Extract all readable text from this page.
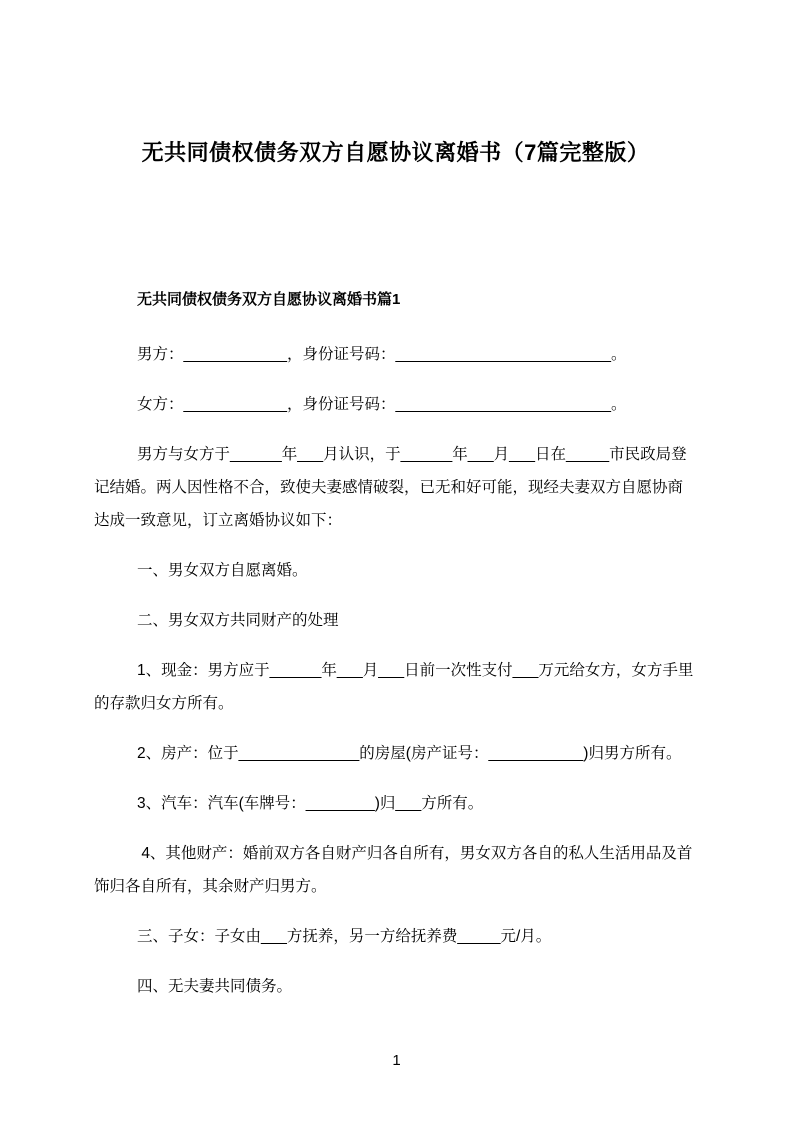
无共同债权债务双方自愿协议离婚书（7篇完整版）
无共同债权债务双方自愿协议离婚书篇1

男方：____________，身份证号码：_________________________。

女方：____________，身份证号码：_________________________。

男方与女方于______年___月认识，于______年___月___日在_____市民政局登记结婚。两人因性格不合，致使夫妻感情破裂，已无和好可能，现经夫妻双方自愿协商达成一致意见，订立离婚协议如下：

一、男女双方自愿离婚。

二、男女双方共同财产的处理

1、现金：男方应于______年___月___日前一次性支付___万元给女方，女方手里的存款归女方所有。

2、房产：位于______________的房屋(房产证号：___________)归男方所有。

3、汽车：汽车(车牌号：________)归___方所有。

4、其他财产：婚前双方各自财产归各自所有，男女双方各自的私人生活用品及首饰归各自所有，其余财产归男方。

三、子女：子女由___方抚养，另一方给抚养费_____元/月。

四、无夫妻共同债务。

1
